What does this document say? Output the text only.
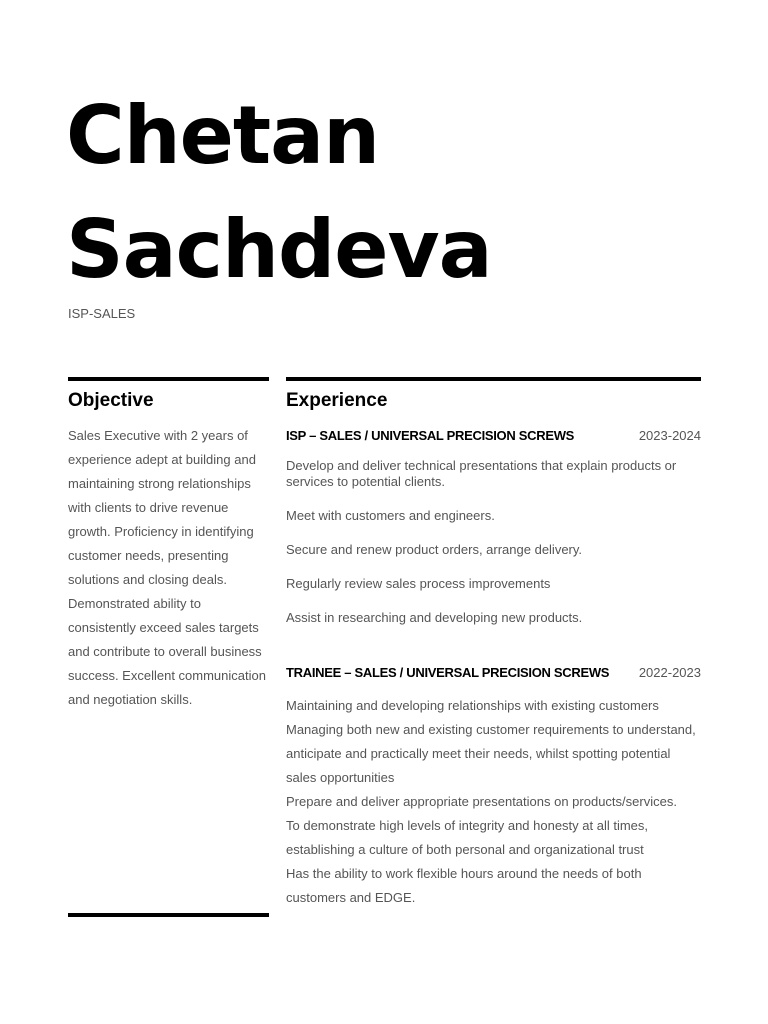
Chetan
Sachdeva
ISP-SALES
Objective
Sales Executive with 2 years of experience adept at building and maintaining strong relationships with clients to drive revenue growth. Proficiency in identifying customer needs, presenting solutions and closing deals. Demonstrated ability to consistently exceed sales targets and contribute to overall business success. Excellent communication and negotiation skills.
Experience
ISP – SALES / UNIVERSAL PRECISION SCREWS	2023-2024
Develop and deliver technical presentations that explain products or services to potential clients.
Meet with customers and engineers.
Secure and renew product orders, arrange delivery.
Regularly review sales process improvements
Assist in researching and developing new products.
TRAINEE – SALES / UNIVERSAL PRECISION SCREWS 2022-2023
Maintaining and developing relationships with existing customers
Managing both new and existing customer requirements to understand, anticipate and practically meet their needs, whilst spotting potential sales opportunities
Prepare and deliver appropriate presentations on products/services.
To demonstrate high levels of integrity and honesty at all times, establishing a culture of both personal and organizational trust
Has the ability to work flexible hours around the needs of both customers and EDGE.
